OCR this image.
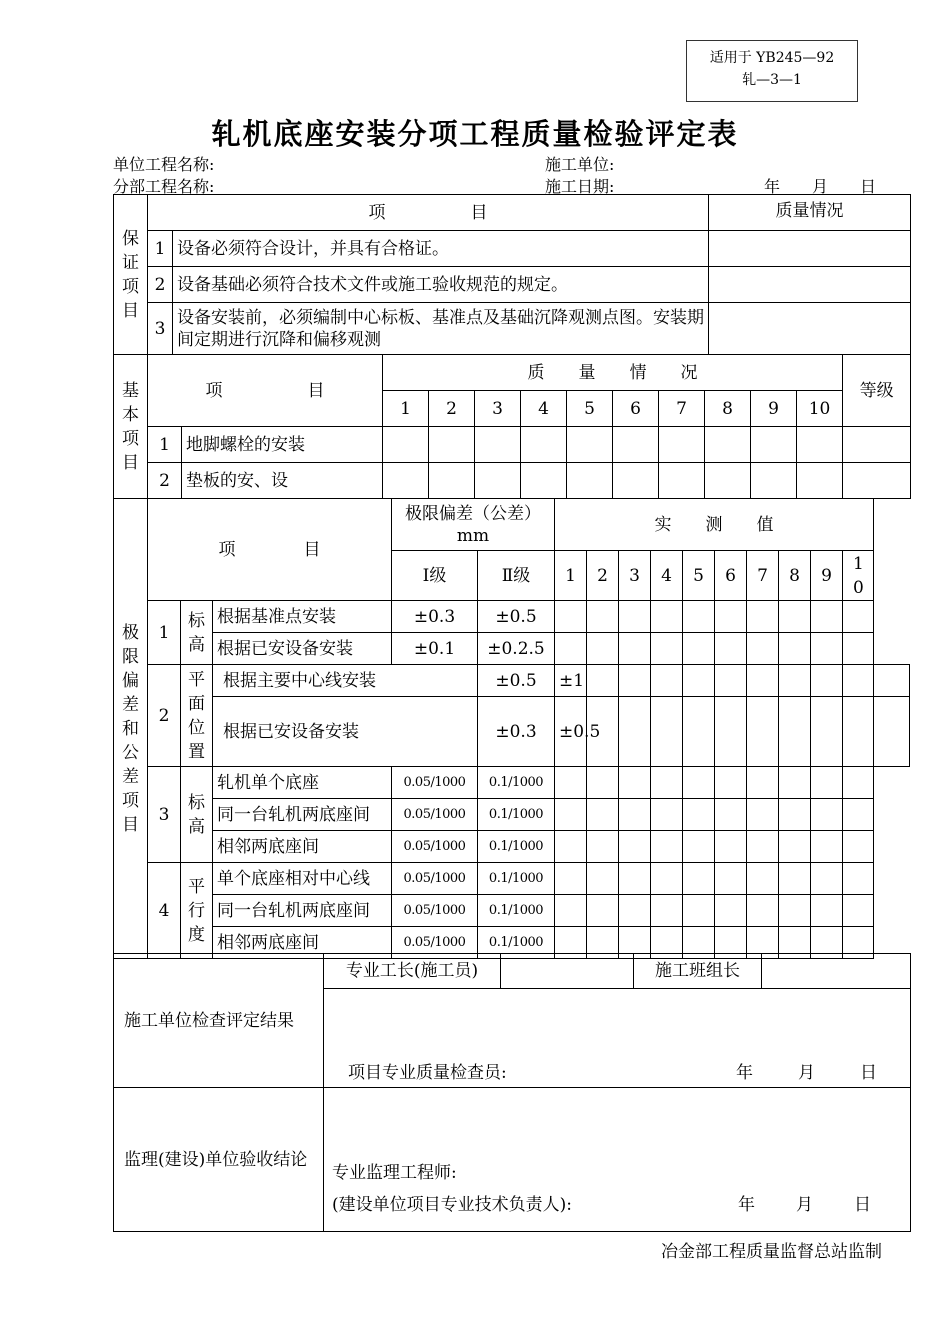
适用于 YB245—92
轧—3—1
轧机底座安装分项工程质量检验评定表
单位工程名称:	施工单位:
分部工程名称:	施工日期:	年 月 日
保证项目	项　　　　　目		质量情况
	1	设备必须符合设计，并具有合格证。	
	2	设备基础必须符合技术文件或施工验收规范的规定。	
	3	设备安装前，必须编制中心标板、基准点及基础沉降观测点图。安装期间定期进行沉降和偏移观测	
基本项目	项　　　　　目		质　　量　　情　　况										等级
			1	2	3	4	5	6	7	8	9	10	
	1	地脚螺栓的安装											
	2	垫板的安、设											
极限偏差和公差项目	项　　　　目			极限偏差（公差）mm		实　　测　　值										
				Ⅰ级	Ⅱ级	1	2	3	4	5	6	7	8	9	10	
	1	标高	根据基准点安装	±0.3	±0.5											
			根据已安设备安装	±0.1	±0.2.5											
	2	平面位置	根据主要中心线安装		±0.5	±1										
			根据已安设备安装		±0.3	±0.5										
	3	标高	轧机单个底座	0.05/1000	0.1/1000											
			同一台轧机两底座间	0.05/1000	0.1/1000											
			相邻两底座间	0.05/1000	0.1/1000											
	4	平行度	单个底座相对中心线	0.05/1000	0.1/1000											
			同一台轧机两底座间	0.05/1000	0.1/1000											
			相邻两底座间	0.05/1000	0.1/1000											
施工单位检查评定结果	专业工长(施工员)		施工班组长	
	项目专业质量检查员: 年 月 日			

监理(建设)单位验收结论	专业监理工程师:
(建设单位项目专业技术负责人): 年 月 日			
冶金部工程质量监督总站监制
